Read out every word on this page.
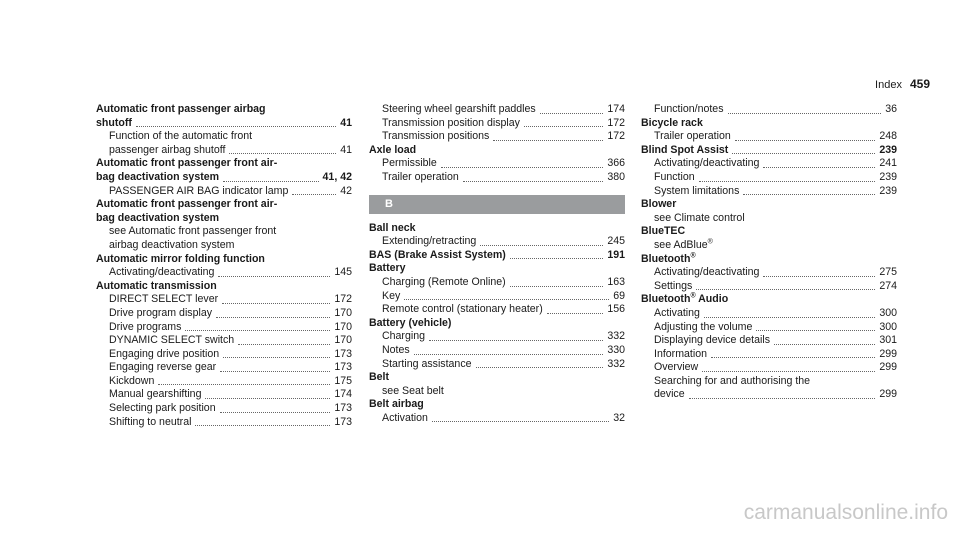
Index 459
Automatic front passenger airbag
shutoff	41
Function of the automatic front
passenger airbag shutoff	41
Automatic front passenger front air-
bag deactivation system	41, 42
PASSENGER AIR BAG indicator lamp	42
Automatic front passenger front air-
bag deactivation system
see Automatic front passenger front
airbag deactivation system
Automatic mirror folding function
Activating/deactivating	145
Automatic transmission
DIRECT SELECT lever	172
Drive program display	170
Drive programs	170
DYNAMIC SELECT switch	170
Engaging drive position	173
Engaging reverse gear	173
Kickdown	175
Manual gearshifting	174
Selecting park position	173
Shifting to neutral	173
Steering wheel gearshift paddles	174
Transmission position display	172
Transmission positions	172
Axle load
Permissible	366
Trailer operation	380
B
Ball neck
Extending/retracting	245
BAS (Brake Assist System)	191
Battery
Charging (Remote Online)	163
Key	69
Remote control (stationary heater)	156
Battery (vehicle)
Charging	332
Notes	330
Starting assistance	332
Belt
see Seat belt
Belt airbag
Activation	32
Function/notes	36
Bicycle rack
Trailer operation	248
Blind Spot Assist	239
Activating/deactivating	241
Function	239
System limitations	239
Blower
see Climate control
BlueTEC
see AdBlue®
Bluetooth®
Activating/deactivating	275
Settings	274
Bluetooth® Audio
Activating	300
Adjusting the volume	300
Displaying device details	301
Information	299
Overview	299
Searching for and authorising the
device	299
carmanualsonline.info
